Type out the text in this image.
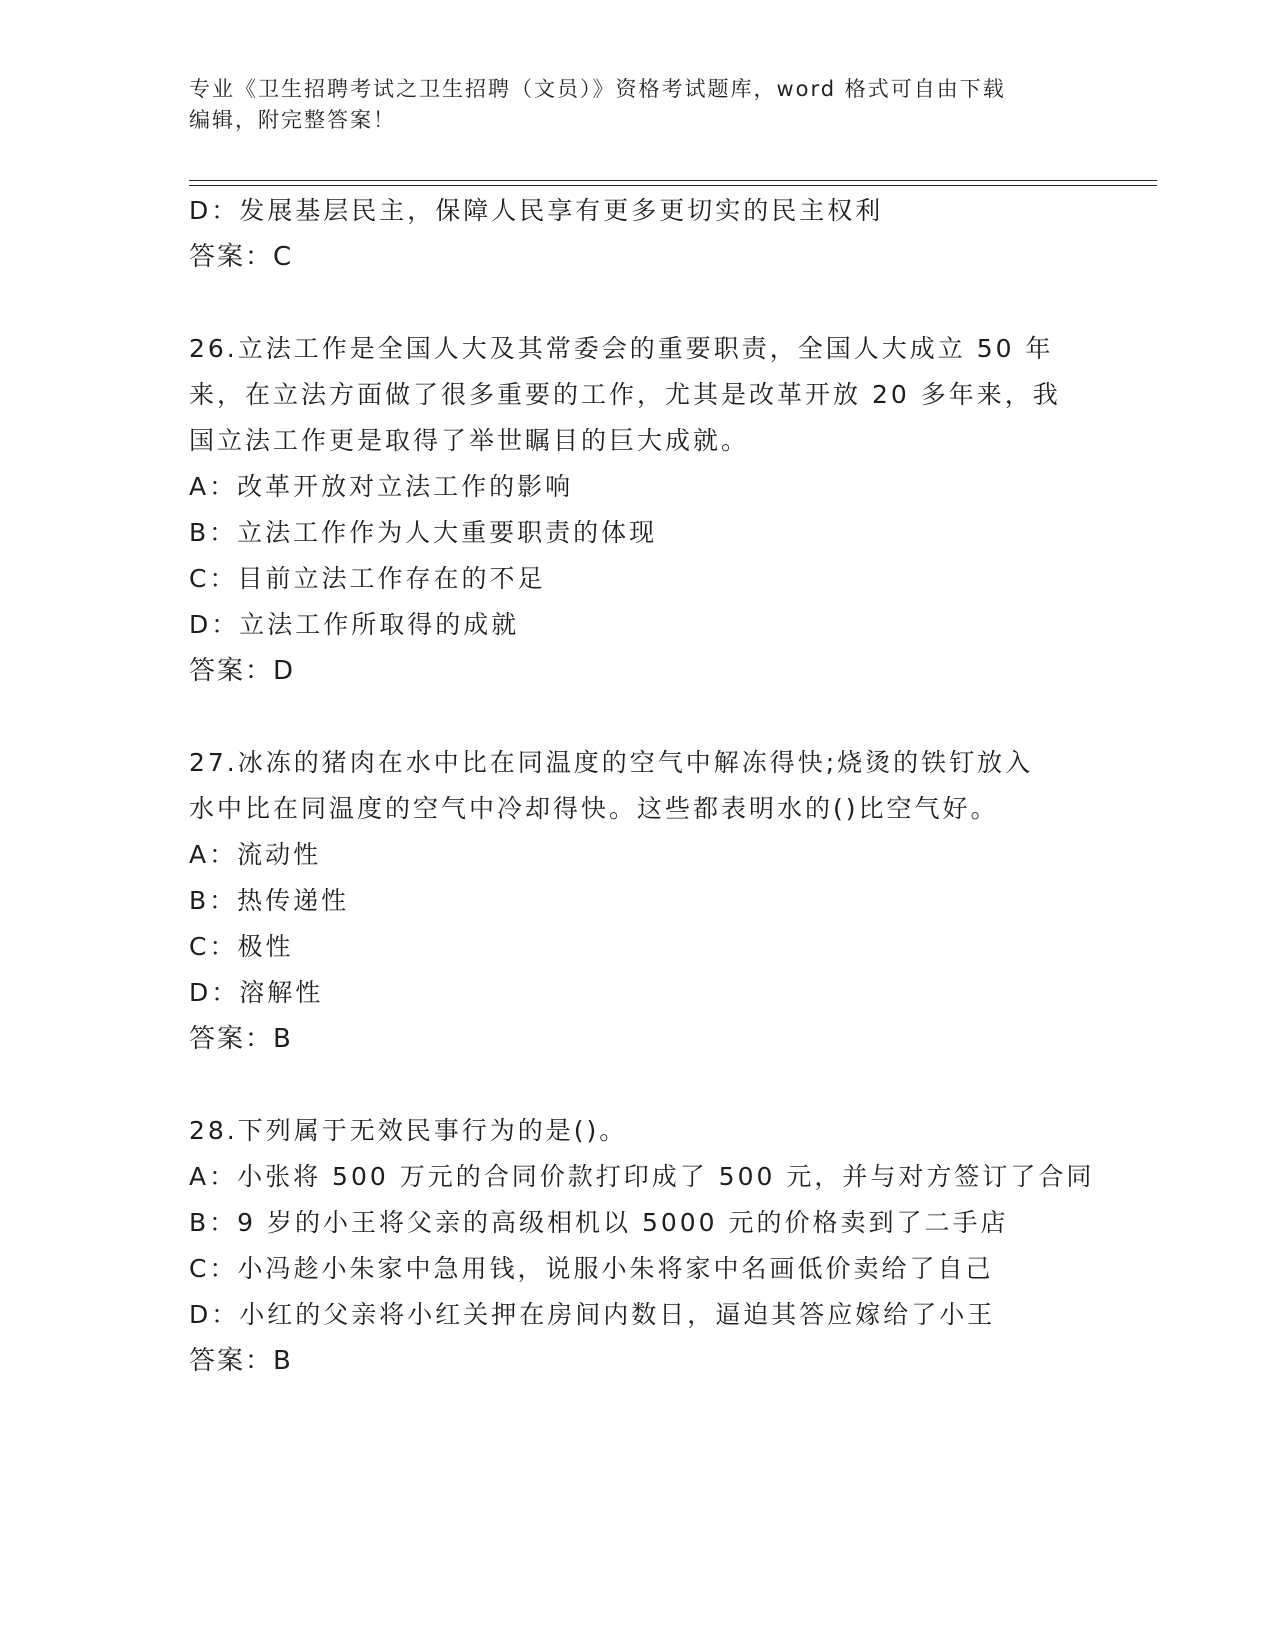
专业《卫生招聘考试之卫生招聘（文员）》资格考试题库，word 格式可自由下载
编辑，附完整答案！
D：发展基层民主，保障人民享有更多更切实的民主权利
答案：C
26.立法工作是全国人大及其常委会的重要职责，全国人大成立 50 年
来，在立法方面做了很多重要的工作，尤其是改革开放 20 多年来，我
国立法工作更是取得了举世瞩目的巨大成就。
A：改革开放对立法工作的影响
B：立法工作作为人大重要职责的体现
C：目前立法工作存在的不足
D：立法工作所取得的成就
答案：D
27.冰冻的猪肉在水中比在同温度的空气中解冻得快;烧烫的铁钉放入
水中比在同温度的空气中冷却得快。这些都表明水的()比空气好。
A：流动性
B：热传递性
C：极性
D：溶解性
答案：B
28.下列属于无效民事行为的是()。
A：小张将 500 万元的合同价款打印成了 500 元，并与对方签订了合同
B：9 岁的小王将父亲的高级相机以 5000 元的价格卖到了二手店
C：小冯趁小朱家中急用钱，说服小朱将家中名画低价卖给了自己
D：小红的父亲将小红关押在房间内数日，逼迫其答应嫁给了小王
答案：B
